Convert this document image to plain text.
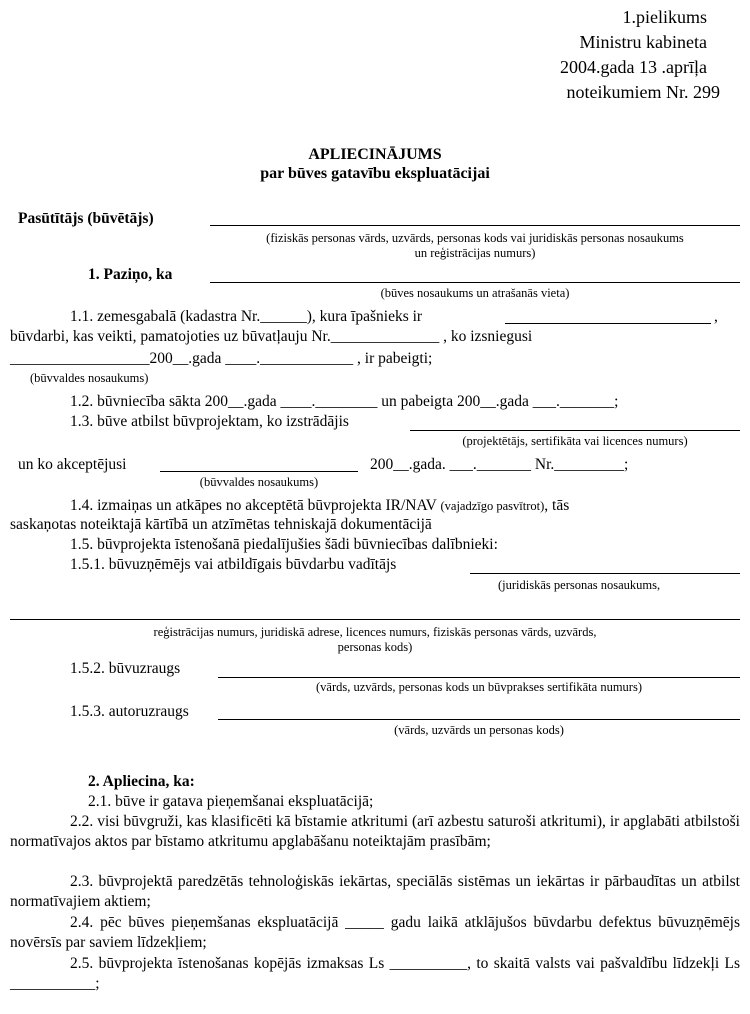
1.pielikums
Ministru kabineta
2004.gada 13 .aprīļa
noteikumiem Nr. 299
APLIECINĀJUMS
par būves gatavību ekspluatācijai
Pasūtītājs (būvētājs)
(fiziskās personas vārds, uzvārds, personas kods vai juridiskās personas nosaukums
un reģistrācijas numurs)
1. Paziņo, ka
(būves nosaukums un atrašanās vieta)
1.1. zemesgabalā (kadastra Nr.______), kura īpašnieks ir	,
būvdarbi, kas veikti, pamatojoties uz būvatļauju Nr.______________ , ko izsniegusi
__________________200__.gada ____.____________ , ir pabeigti;
(būvvaldes nosaukums)
1.2. būvniecība sākta 200__.gada ____.________ un pabeigta 200__.gada ___._______;
1.3. būve atbilst būvprojektam, ko izstrādājis
(projektētājs, sertifikāta vai licences numurs)
un ko akceptējusi	200__.gada. ___._______ Nr._________;
(būvvaldes nosaukums)
1.4. izmaiņas un atkāpes no akceptētā būvprojekta IR/NAV (vajadzīgo pasvītrot), tās
saskaņotas noteiktajā kārtībā un atzīmētas tehniskajā dokumentācijā
1.5. būvprojekta īstenošanā piedalījušies šādi būvniecības dalībnieki:
1.5.1. būvuzņēmējs vai atbildīgais būvdarbu vadītājs
(juridiskās personas nosaukums,
reģistrācijas numurs, juridiskā adrese, licences numurs, fiziskās personas vārds, uzvārds,
personas kods)
1.5.2. būvuzraugs
(vārds, uzvārds, personas kods un būvprakses sertifikāta numurs)
1.5.3. autoruzraugs
(vārds, uzvārds un personas kods)
2. Apliecina, ka:
2.1. būve ir gatava pieņemšanai ekspluatācijā;
2.2. visi būvgruži, kas klasificēti kā bīstamie atkritumi (arī azbestu saturoši atkritumi), ir apglabāti atbilstoši normatīvajos aktos par bīstamo atkritumu apglabāšanu noteiktajām prasībām;
2.3. būvprojektā paredzētās tehnoloģiskās iekārtas, speciālās sistēmas un iekārtas ir pārbaudītas un atbilst normatīvajiem aktiem;
2.4. pēc būves pieņemšanas ekspluatācijā _____ gadu laikā atklājušos būvdarbu defektus būvuzņēmējs novērsīs par saviem līdzekļiem;
2.5. būvprojekta īstenošanas kopējās izmaksas Ls __________, to skaitā valsts vai pašvaldību līdzekļi Ls ___________;
